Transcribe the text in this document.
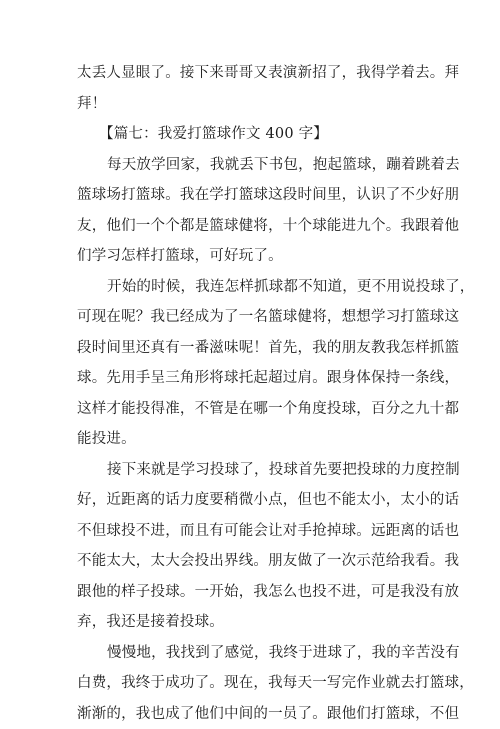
太丢人显眼了。接下来哥哥又表演新招了，我得学着去。拜
拜！
【篇七：我爱打篮球作文 400 字】
每天放学回家，我就丢下书包，抱起篮球，蹦着跳着去
篮球场打篮球。我在学打篮球这段时间里，认识了不少好朋
友，他们一个个都是篮球健将，十个球能进九个。我跟着他
们学习怎样打篮球，可好玩了。
开始的时候，我连怎样抓球都不知道，更不用说投球了，
可现在呢？我已经成为了一名篮球健将，想想学习打篮球这
段时间里还真有一番滋味呢！首先，我的朋友教我怎样抓篮
球。先用手呈三角形将球托起超过肩。跟身体保持一条线，
这样才能投得准，不管是在哪一个角度投球，百分之九十都
能投进。
接下来就是学习投球了，投球首先要把投球的力度控制
好，近距离的话力度要稍微小点，但也不能太小，太小的话
不但球投不进，而且有可能会让对手抢掉球。远距离的话也
不能太大，太大会投出界线。朋友做了一次示范给我看。我
跟他的样子投球。一开始，我怎么也投不进，可是我没有放
弃，我还是接着投球。
慢慢地，我找到了感觉，我终于进球了，我的辛苦没有
白费，我终于成功了。现在，我每天一写完作业就去打篮球，
渐渐的，我也成了他们中间的一员了。跟他们打篮球，不但
